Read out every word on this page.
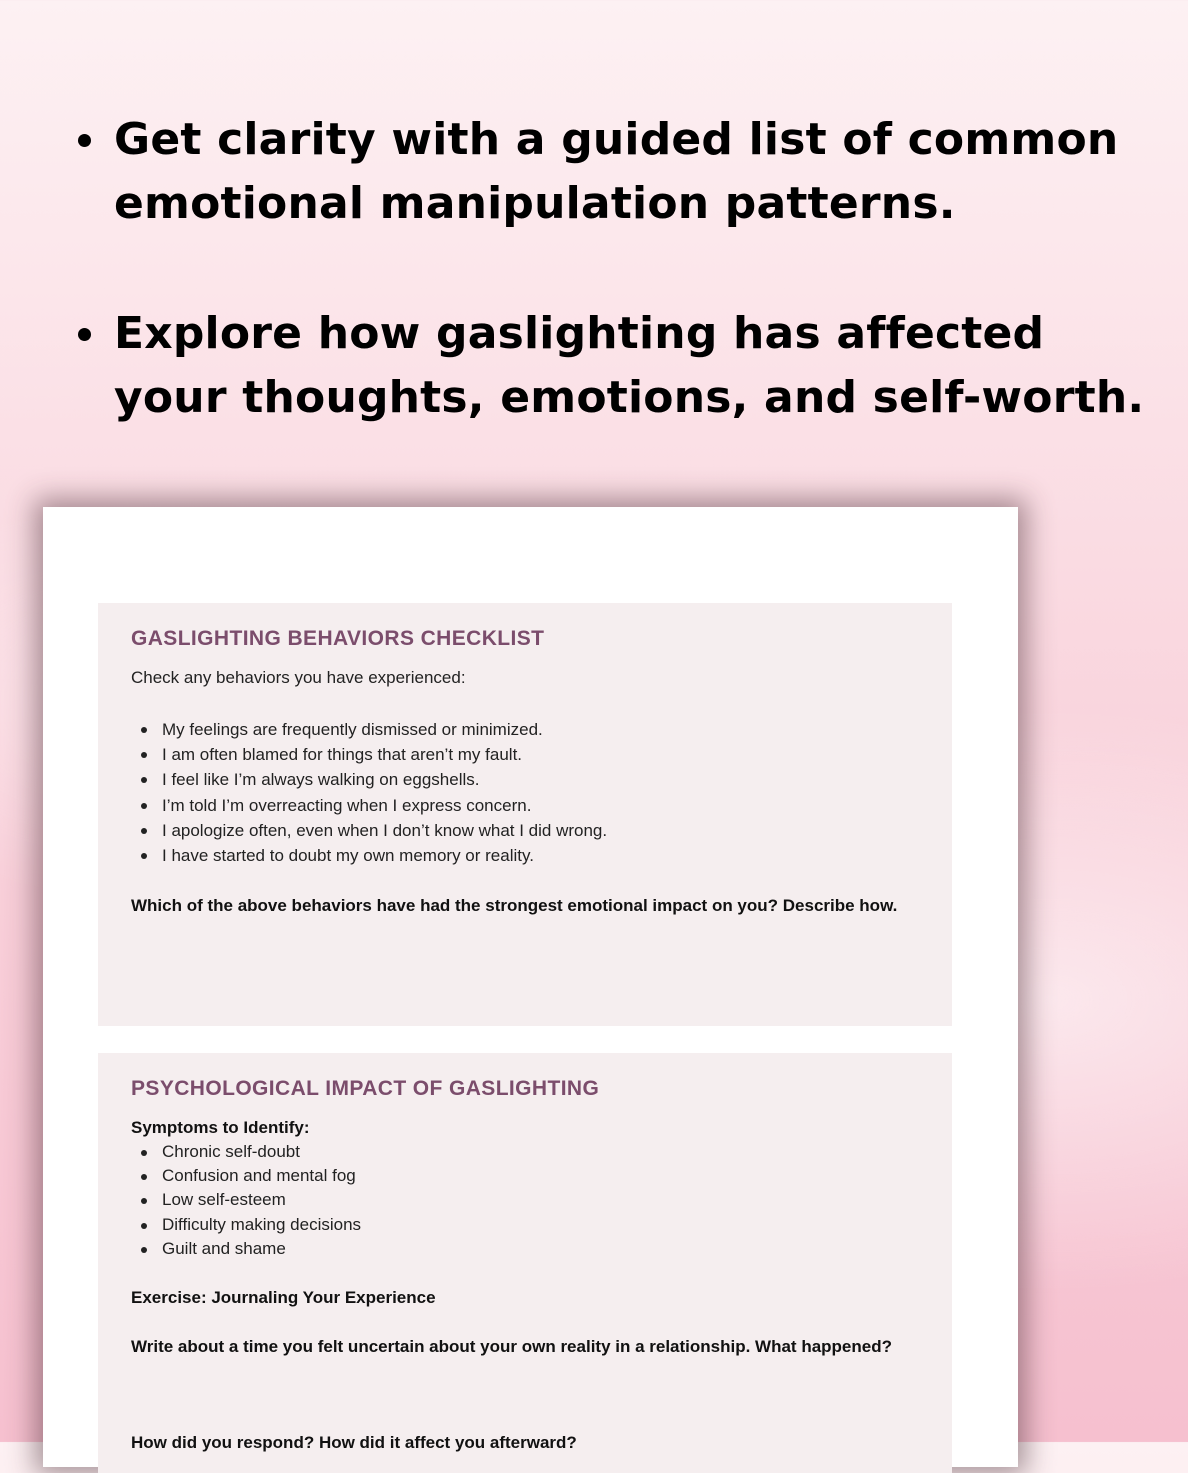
Get clarity with a guided list of common emotional manipulation patterns.
Explore how gaslighting has affected your thoughts, emotions, and self-worth.
GASLIGHTING BEHAVIORS CHECKLIST

Check any behaviors you have experienced:

My feelings are frequently dismissed or minimized.
I am often blamed for things that aren’t my fault.
I feel like I’m always walking on eggshells.
I’m told I’m overreacting when I express concern.
I apologize often, even when I don’t know what I did wrong.
I have started to doubt my own memory or reality.

Which of the above behaviors have had the strongest emotional impact on you? Describe how.

PSYCHOLOGICAL IMPACT OF GASLIGHTING

Symptoms to Identify:

Chronic self-doubt
Confusion and mental fog
Low self-esteem
Difficulty making decisions
Guilt and shame

Exercise: Journaling Your Experience

Write about a time you felt uncertain about your own reality in a relationship. What happened?

How did you respond? How did it affect you afterward?
